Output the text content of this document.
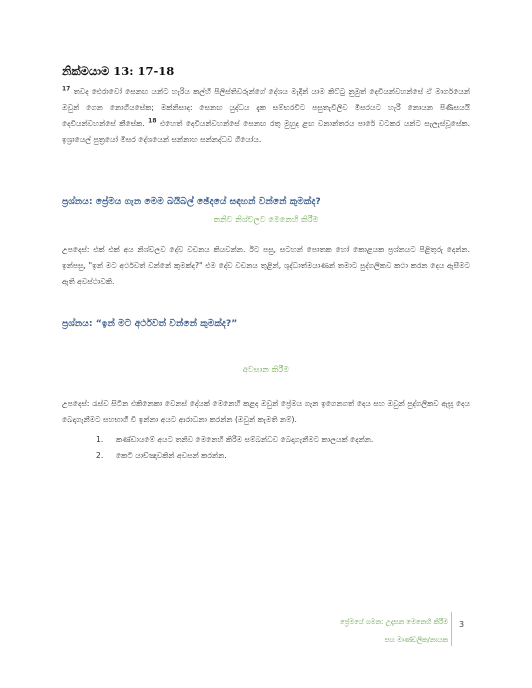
නික්මයාම 13: 17-18
$^{17}$ තවද ඓරාවෝ සෙනඟ යන්ට හැරිය කල්හි පිලිස්තිවරුන්ගේ දේශය මැදින් යාම කිට්ටු නුමුත් දෙවියන්වහන්සේ ඒ මාර්ගයෙන් ඔවුන් ගෙන නොගියසේක; මක්නිසාද: සෙනඟ යුද්ධය දැක සම්භරවිට පසුතැවිලිව මිසරයට හැරී නොයන පිණිසයයි දෙවියන්වහන්සේ කීසේක. $^{18}$ එහෙත් දෙවියන්වහන්සේ සෙනඟ රතු මුහුද ළඟ වනාන්තරය පාරේ වටකර යන්ට සැලැස්වූසේක. ඉශ්‍රායෙල් පුත්‍රයෝ මිසර දේශයෙන් සන්නාහ සන්නද්ධව ගියෝය.
ප්‍රශ්නය: ප්‍රේමය ගැන මෙම බයිබල් ඡේදයේ සඳහන් වන්නේ කුමක්ද?
තනිව නිශ්චලව මෙනෙහි කිරීම
උපදෙස්: එක් එක් අය නිශ්චලව දේව වචනය කියවන්න. ඊට පසු, සටහන් පොතක හෝ කොළයක ප්‍රශ්නයට පිළිතුරු දෙන්න. ඉන්පසු, "ඉන් මට අර්ථවත් වන්නේ කුමක්ද?" එම දේව වචනය තුළින්, ශුද්ධාත්මයාණන් තමාට පුද්ගලිකව කථා කරන දෙය ඇසීමට ඇති අවස්ථාවකි.
ප්‍රශ්නය: “ඉන් මට අර්ථවත් වන්නේ කුමක්ද?”
අවසාන කිරීම
උපදෙස්: රැස්ව සිටින එකිනෙකා වෙනස් දේයක් මෙනෙහි කළද ඔවුන් ප්‍රේමය ගැන ඉගෙනගත් දෙය සහ ඔවුන් පුද්ගලිකව ඇසූ දෙය බෙදාගැනීමට සහභාගී වී ඉන්නා අයට ආරාධනා කරන්න (ඔවුන් කැමති නම්).
1.	කණ්ඩායමේ අයට තනිව මෙනෙහි කිරීම සම්බන්ධව බෙදාගැනීමට කාලයක් දෙන්න.
2.	කෙටි යාච්ඤාවකින් අවසන් කරන්න.
ප්‍රේමයේ ගමන: උදෑසන මෙනෙහි කිරීම
සහ මාණ්ඩලික/නායක
3
